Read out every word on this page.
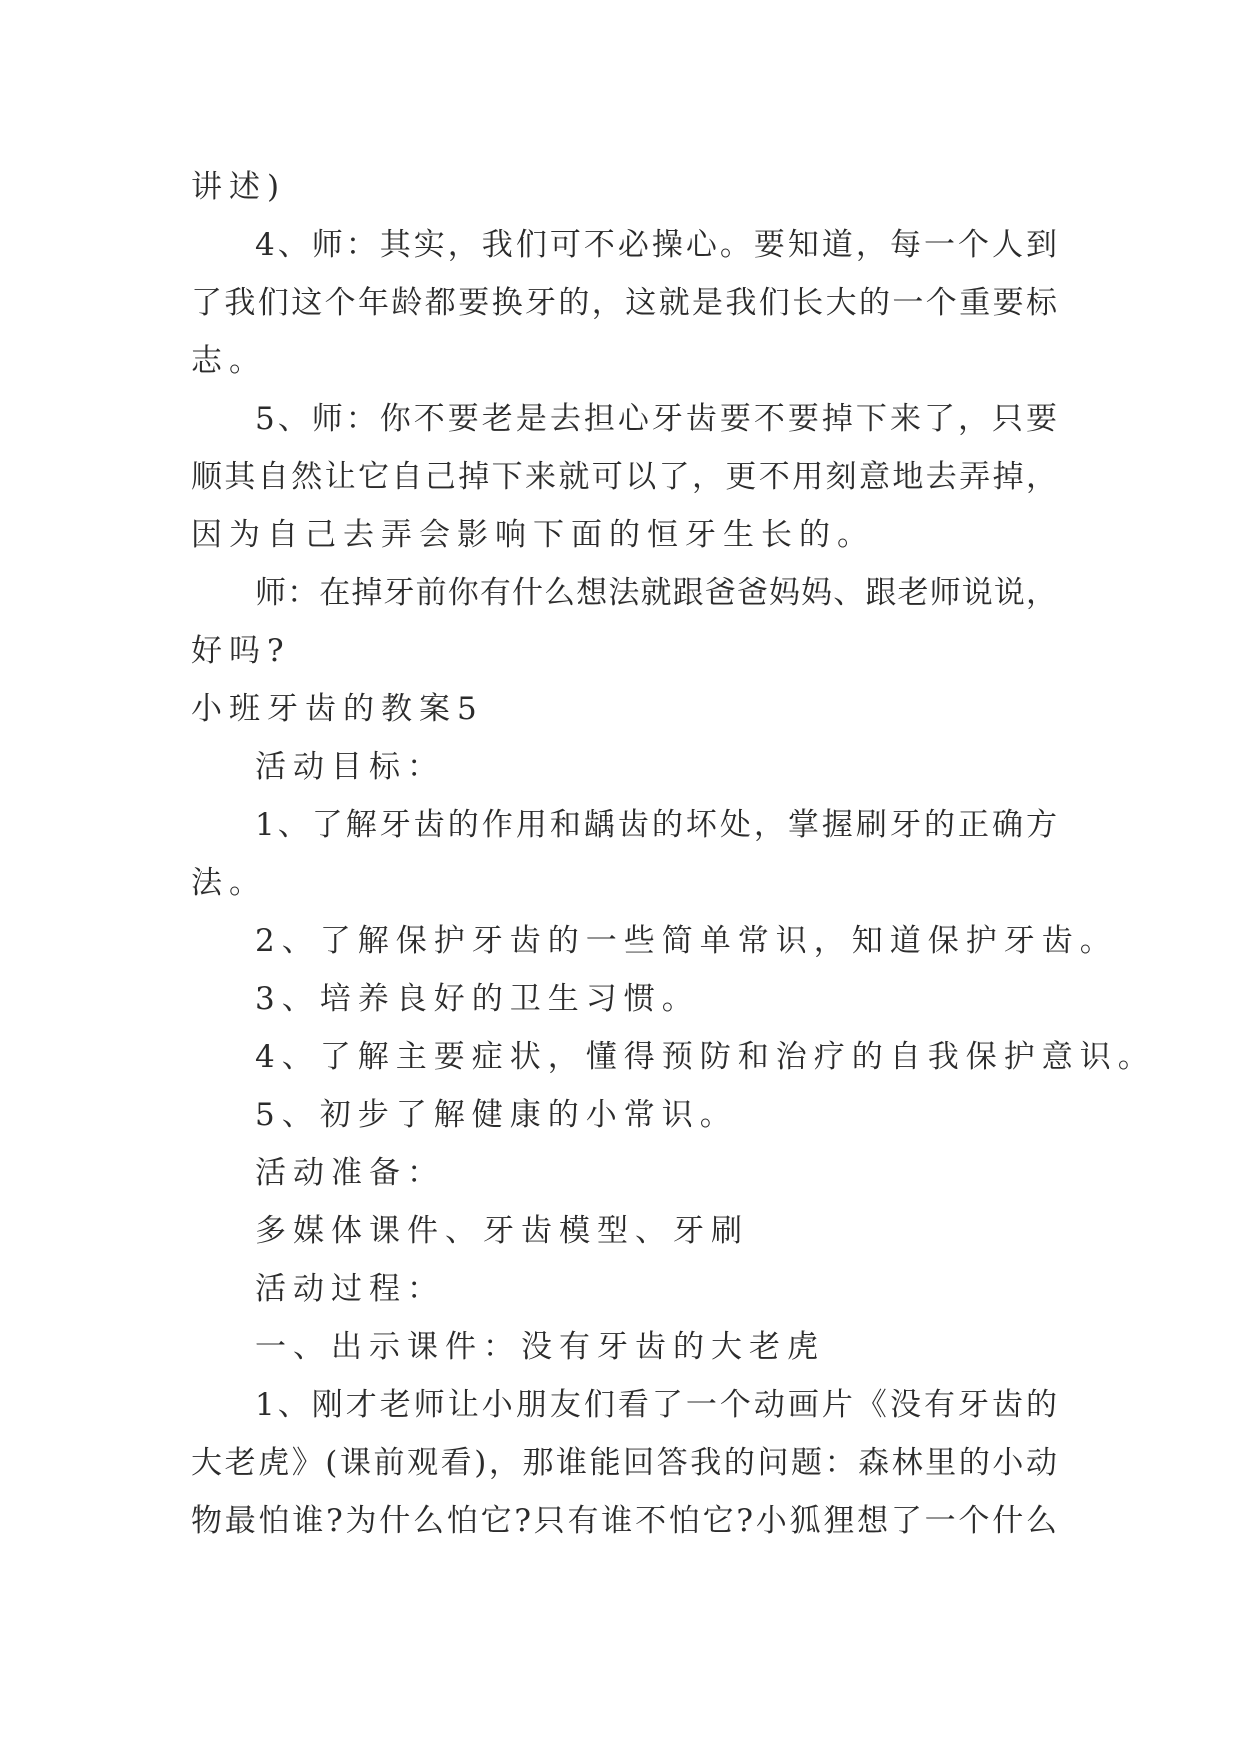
讲述)
4、师：其实，我们可不必操心。要知道，每一个人到
了我们这个年龄都要换牙的，这就是我们长大的一个重要标
志。
5、师：你不要老是去担心牙齿要不要掉下来了，只要
顺其自然让它自己掉下来就可以了，更不用刻意地去弄掉，
因为自己去弄会影响下面的恒牙生长的。
师：在掉牙前你有什么想法就跟爸爸妈妈、跟老师说说，
好吗?
小班牙齿的教案5
活动目标：
1、了解牙齿的作用和龋齿的坏处，掌握刷牙的正确方
法。
2、了解保护牙齿的一些简单常识，知道保护牙齿。
3、培养良好的卫生习惯。
4、了解主要症状，懂得预防和治疗的自我保护意识。
5、初步了解健康的小常识。
活动准备：
多媒体课件、牙齿模型、牙刷
活动过程：
一、出示课件：没有牙齿的大老虎
1、刚才老师让小朋友们看了一个动画片《没有牙齿的
大老虎》(课前观看)，那谁能回答我的问题：森林里的小动
物最怕谁?为什么怕它?只有谁不怕它?小狐狸想了一个什么
